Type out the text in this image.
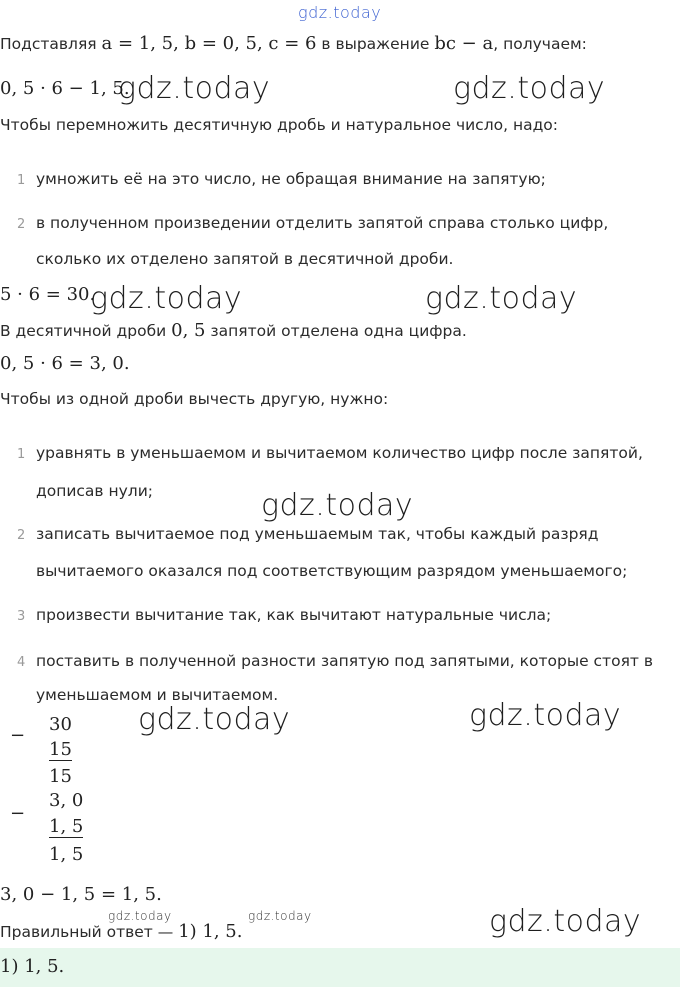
gdz.today
Подставляя a = 1, 5, b = 0, 5, c = 6 в выражение bc − a, получаем:
0, 5 · 6 − 1, 5.
gdz.today	gdz.today
Чтобы перемножить десятичную дробь и натуральное число, надо:
1 умножить её на это число, не обращая внимание на запятую;
2 в полученном произведении отделить запятой справа столько цифр,
сколько их отделено запятой в десятичной дроби.
5 · 6 = 30.
gdz.today	gdz.today
В десятичной дроби 0, 5 запятой отделена одна цифра.
0, 5 · 6 = 3, 0.
Чтобы из одной дроби вычесть другую, нужно:
1 уравнять в уменьшаемом и вычитаемом количество цифр после запятой,
дописав нули;	gdz.today
2 записать вычитаемое под уменьшаемым так, чтобы каждый разряд
вычитаемого оказался под соответствующим разрядом уменьшаемого;
3 произвести вычитание так, как вычитают натуральные числа;
4 поставить в полученной разности запятую под запятыми, которые стоят в
уменьшаемом и вычитаемом.
gdz.today	gdz.today
−
30
15
15
−
3, 0
1, 5
1, 5
3, 0 − 1, 5 = 1, 5.
gdz.today	gdz.today
Правильный ответ — 1) 1, 5.	gdz.today
1) 1, 5.
